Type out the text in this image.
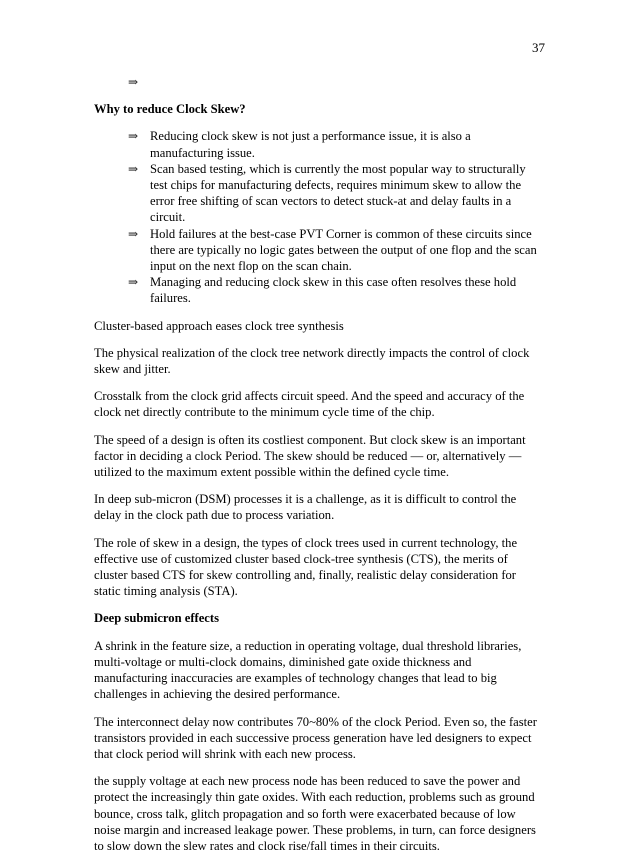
37
⇒
Why to reduce Clock Skew?
⇒ Reducing clock skew is not just a performance issue, it is also a manufacturing issue.
⇒ Scan based testing, which is currently the most popular way to structurally test chips for manufacturing defects, requires minimum skew to allow the error free shifting of scan vectors to detect stuck-at and delay faults in a circuit.
⇒ Hold failures at the best-case PVT Corner is common of these circuits since there are typically no logic gates between the output of one flop and the scan input on the next flop on the scan chain.
⇒ Managing and reducing clock skew in this case often resolves these hold failures.

Cluster-based approach eases clock tree synthesis

The physical realization of the clock tree network directly impacts the control of clock skew and jitter.

Crosstalk from the clock grid affects circuit speed. And the speed and accuracy of the clock net directly contribute to the minimum cycle time of the chip.

The speed of a design is often its costliest component. But clock skew is an important factor in deciding a clock Period. The skew should be reduced — or, alternatively — utilized to the maximum extent possible within the defined cycle time.

In deep sub-micron (DSM) processes it is a challenge, as it is difficult to control the delay in the clock path due to process variation.

The role of skew in a design, the types of clock trees used in current technology, the effective use of customized cluster based clock-tree synthesis (CTS), the merits of cluster based CTS for skew controlling and, finally, realistic delay consideration for static timing analysis (STA).

Deep submicron effects

A shrink in the feature size, a reduction in operating voltage, dual threshold libraries, multi-voltage or multi-clock domains, diminished gate oxide thickness and manufacturing inaccuracies are examples of technology changes that lead to big challenges in achieving the desired performance.

The interconnect delay now contributes 70~80% of the clock Period. Even so, the faster transistors provided in each successive process generation have led designers to expect that clock period will shrink with each new process.

the supply voltage at each new process node has been reduced to save the power and protect the increasingly thin gate oxides. With each reduction, problems such as ground bounce, cross talk, glitch propagation and so forth were exacerbated because of low noise margin and increased leakage power. These problems, in turn, can force designers to slow down the slew rates and clock rise/fall times in their circuits.
